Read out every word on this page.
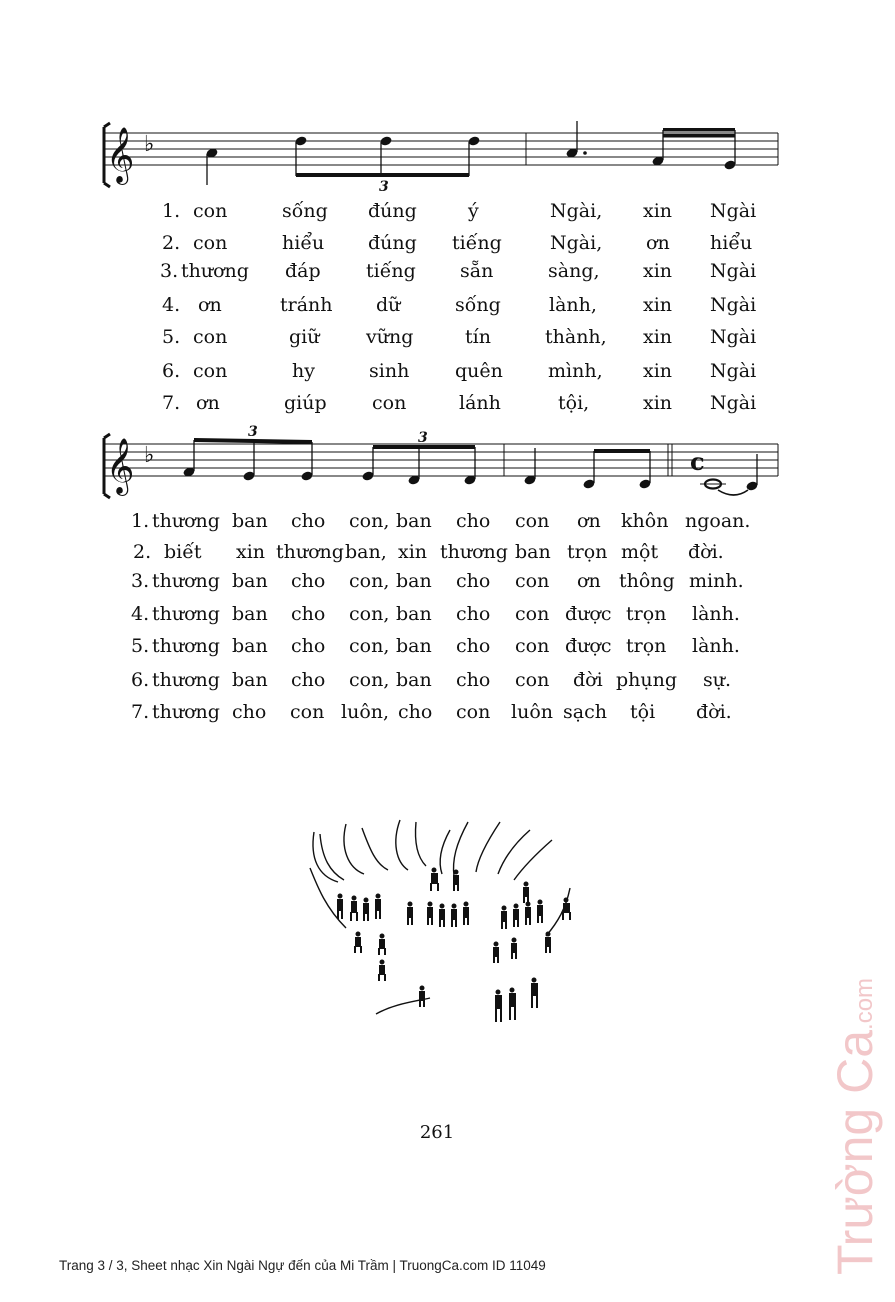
𝄞 ♭
3
1. con	sống đúng	ý	Ngài, xin Ngài
2. con	hiểu đúng tiếng	Ngài, ơn hiểu
3. thương đáp tiếng sẵn	sàng, xin Ngài
4. ơn	tránh dữ	sống	lành, xin Ngài
5. con	giữ vững	tín	thành, xin Ngài
6. con	hy	sinh quên mình, xin Ngài
7. ơn	giúp con	lánh	tội,	xin Ngài
𝄞 ♭
3	3
c
1. thương ban cho con, ban cho con ơn khôn ngoan.
2. biết xin thương ban, xin thương ban trọn một đời.
3. thương ban cho con, ban cho con ơn thông minh.
4. thương ban cho con, ban cho con được trọn lành.
5. thương ban cho con, ban cho con được trọn lành.
6. thương ban cho con, ban cho con đời phụng sự.
7. thương cho con luôn, cho con luôn sạch tội đời.
261
Trang 3 / 3, Sheet nhạc Xin Ngài Ngự đến của Mi Trầm | TruongCa.com ID 11049	Trường Ca.com
